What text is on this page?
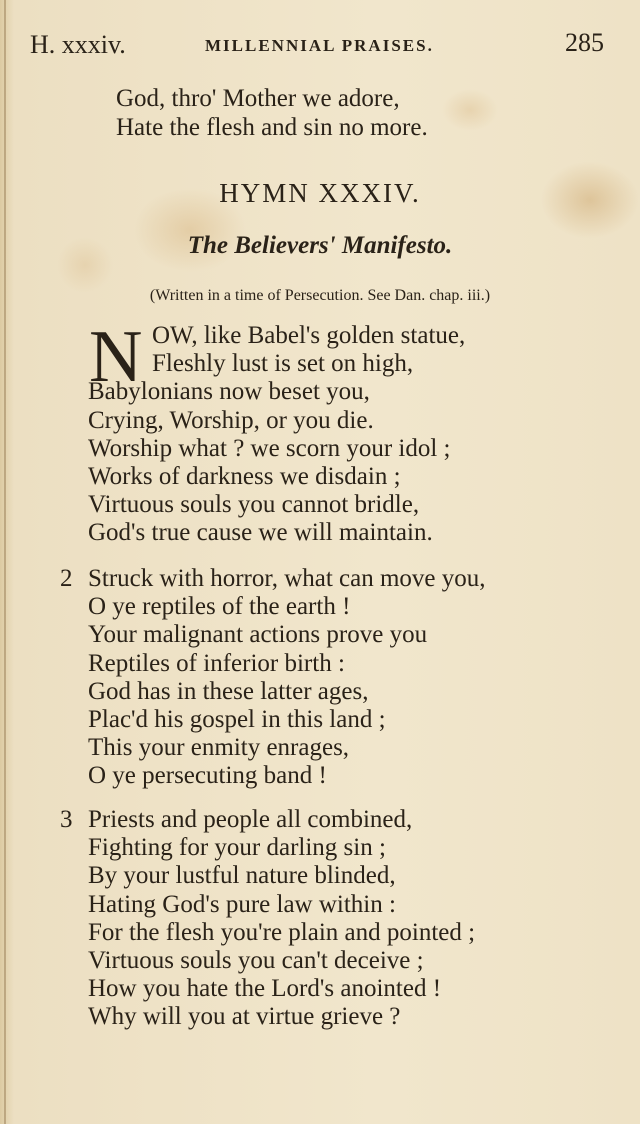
H. xxxiv.	MILLENNIAL PRAISES.	285
God, thro' Mother we adore,
Hate the flesh and sin no more.
HYMN XXXIV.
The Believers' Manifesto.
(Written in a time of Persecution. See Dan. chap. iii.)
N OW, like Babel's golden statue,
Fleshly lust is set on high,
Babylonians now beset you,
Crying, Worship, or you die.
Worship what ? we scorn your idol ;
Works of darkness we disdain ;
Virtuous souls you cannot bridle,
God's true cause we will maintain.
2 Struck with horror, what can move you,
O ye reptiles of the earth !
Your malignant actions prove you
Reptiles of inferior birth :
God has in these latter ages,
Plac'd his gospel in this land ;
This your enmity enrages,
O ye persecuting band !
3 Priests and people all combined,
Fighting for your darling sin ;
By your lustful nature blinded,
Hating God's pure law within :
For the flesh you're plain and pointed ;
Virtuous souls you can't deceive ;
How you hate the Lord's anointed !
Why will you at virtue grieve ?
